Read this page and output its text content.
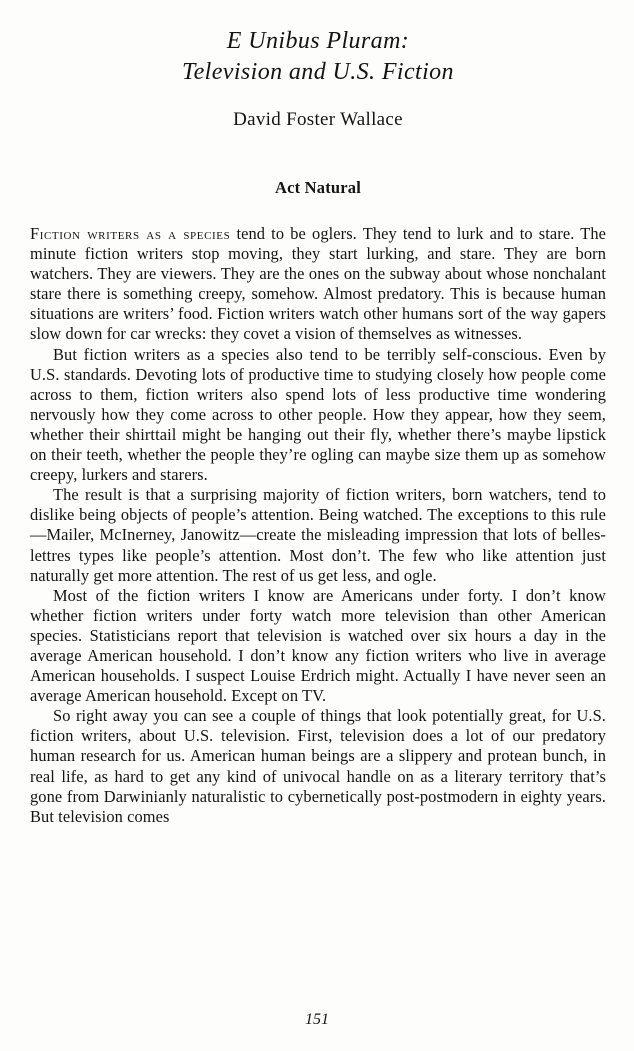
E Unibus Pluram:
Television and U.S. Fiction
David Foster Wallace
Act Natural

Fiction writers as a species tend to be oglers. They tend to lurk and to stare. The minute fiction writers stop moving, they start lurking, and stare. They are born watchers. They are viewers. They are the ones on the subway about whose nonchalant stare there is something creepy, somehow. Almost predatory. This is because human situations are writers’ food. Fiction writers watch other humans sort of the way gapers slow down for car wrecks: they covet a vision of themselves as witnesses.

But fiction writers as a species also tend to be terribly self-conscious. Even by U.S. standards. Devoting lots of productive time to studying closely how people come across to them, fiction writers also spend lots of less productive time wondering nervously how they come across to other people. How they appear, how they seem, whether their shirttail might be hanging out their fly, whether there’s maybe lipstick on their teeth, whether the people they’re ogling can maybe size them up as somehow creepy, lurkers and starers.

The result is that a surprising majority of fiction writers, born watchers, tend to dislike being objects of people’s attention. Being watched. The exceptions to this rule—Mailer, McInerney, Janowitz—create the misleading impression that lots of belles-lettres types like people’s attention. Most don’t. The few who like attention just naturally get more attention. The rest of us get less, and ogle.

Most of the fiction writers I know are Americans under forty. I don’t know whether fiction writers under forty watch more television than other American species. Statisticians report that television is watched over six hours a day in the average American household. I don’t know any fiction writers who live in average American households. I suspect Louise Erdrich might. Actually I have never seen an average American household. Except on TV.

So right away you can see a couple of things that look potentially great, for U.S. fiction writers, about U.S. television. First, television does a lot of our predatory human research for us. American human beings are a slippery and protean bunch, in real life, as hard to get any kind of univocal handle on as a literary territory that’s gone from Darwinianly naturalistic to cybernetically post-postmodern in eighty years. But television comes

151
